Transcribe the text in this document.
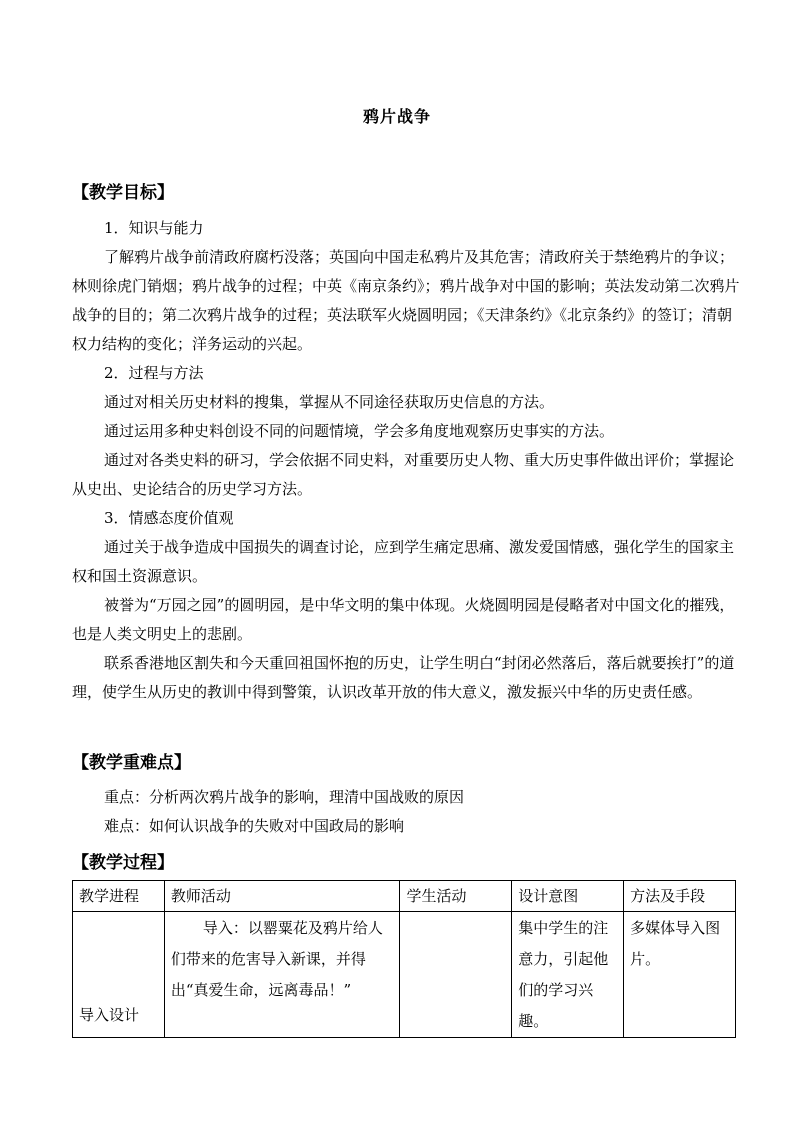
鸦片战争
【教学目标】

1．知识与能力

了解鸦片战争前清政府腐朽没落；英国向中国走私鸦片及其危害；清政府关于禁绝鸦片的争议；林则徐虎门销烟；鸦片战争的过程；中英《南京条约》；鸦片战争对中国的影响；英法发动第二次鸦片战争的目的；第二次鸦片战争的过程；英法联军火烧圆明园；《天津条约》《北京条约》的签订；清朝权力结构的变化；洋务运动的兴起。

2．过程与方法

通过对相关历史材料的搜集，掌握从不同途径获取历史信息的方法。

通过运用多种史料创设不同的问题情境，学会多角度地观察历史事实的方法。

通过对各类史料的研习，学会依据不同史料，对重要历史人物、重大历史事件做出评价；掌握论从史出、史论结合的历史学习方法。

3．情感态度价值观

通过关于战争造成中国损失的调查讨论，应到学生痛定思痛、激发爱国情感，强化学生的国家主权和国土资源意识。

被誉为“万园之园”的圆明园，是中华文明的集中体现。火烧圆明园是侵略者对中国文化的摧残，也是人类文明史上的悲剧。

联系香港地区割失和今天重回祖国怀抱的历史，让学生明白“封闭必然落后，落后就要挨打”的道理，使学生从历史的教训中得到警策，认识改革开放的伟大意义，激发振兴中华的历史责任感。

【教学重难点】

重点：分析两次鸦片战争的影响，理清中国战败的原因

难点：如何认识战争的失败对中国政局的影响

【教学过程】
教学进程	教师活动	学生活动	设计意图	方法及手段
导入设计	导入：以罂粟花及鸦片给人们带来的危害导入新课，并得出“真爱生命，远离毒品！”		集中学生的注意力，引起他们的学习兴趣。	多媒体导入图片。
